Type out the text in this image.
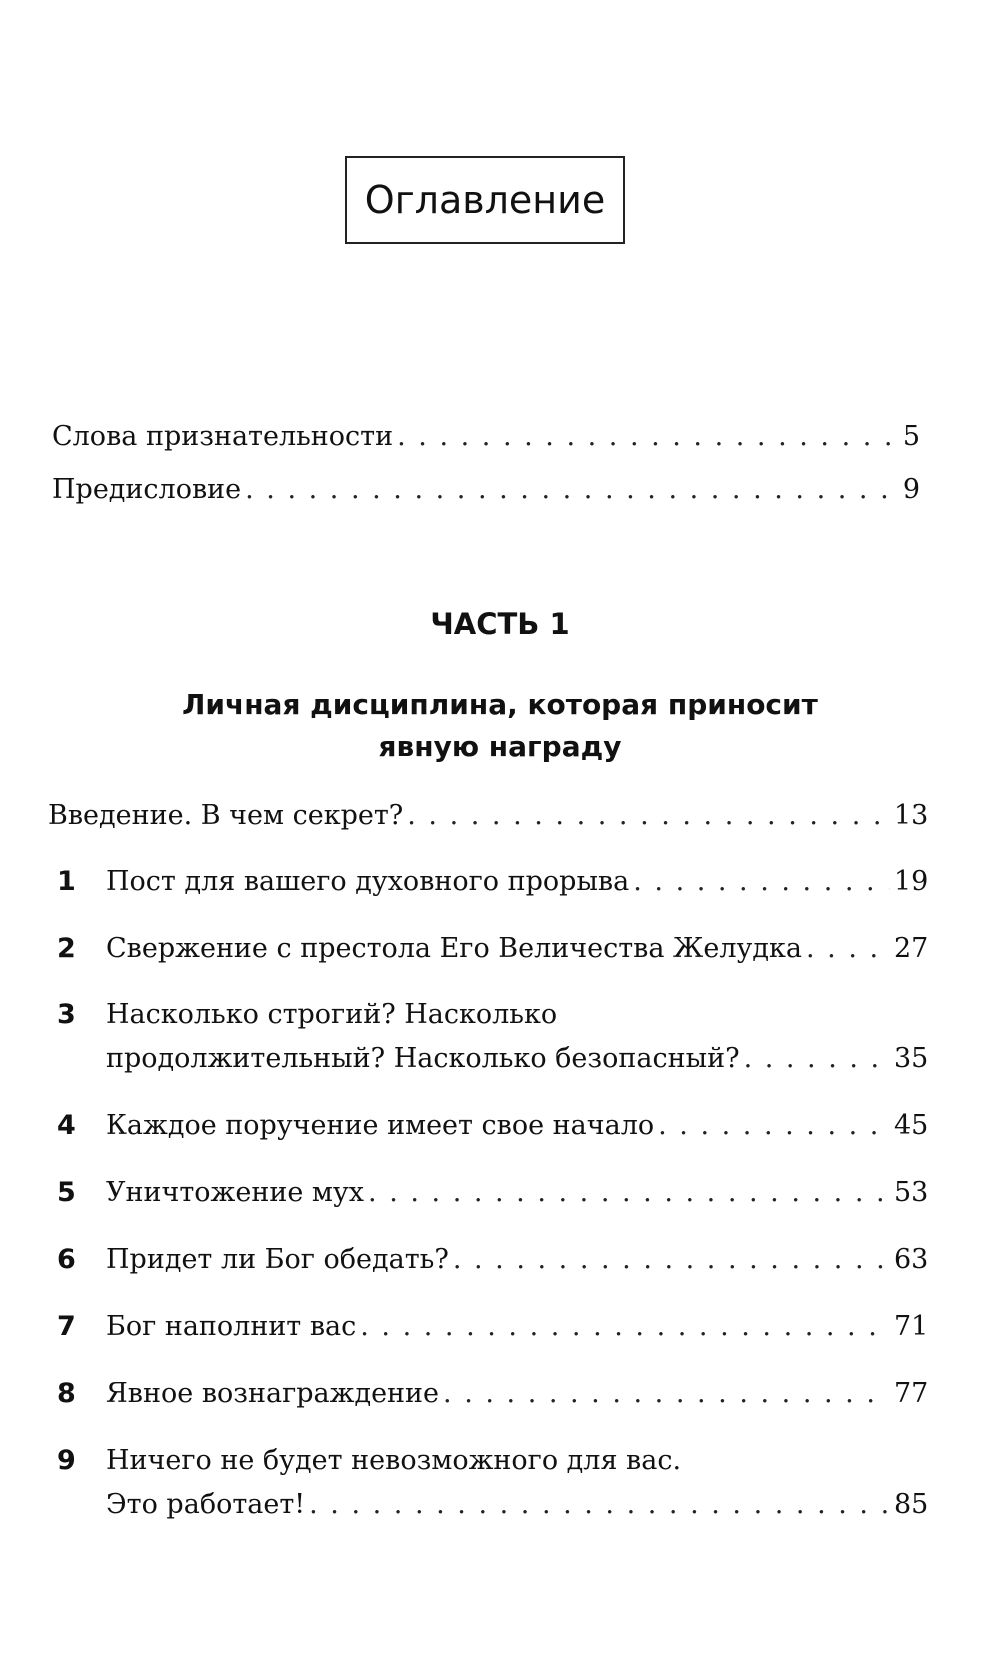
Оглавление
Слова признательности . . .	5
Предисловие . . .	9
ЧАСТЬ 1
Личная дисциплина, которая приносит
явную награду
Введение. В чем секрет? . . .	13
1	Пост для вашего духовного прорыва . . .	19
2	Свержение с престола Его Величества Желудка . . .	27
3	Насколько строгий? Насколько
продолжительный? Насколько безопасный? . . .	35
4	Каждое поручение имеет свое начало . . .	45
5	Уничтожение мух . . .	53
6	Придет ли Бог обедать? . . .	63
7	Бог наполнит вас . . .	71
8	Явное вознаграждение . . .	77
9	Ничего не будет невозможного для вас.
Это работает! . . .	85
